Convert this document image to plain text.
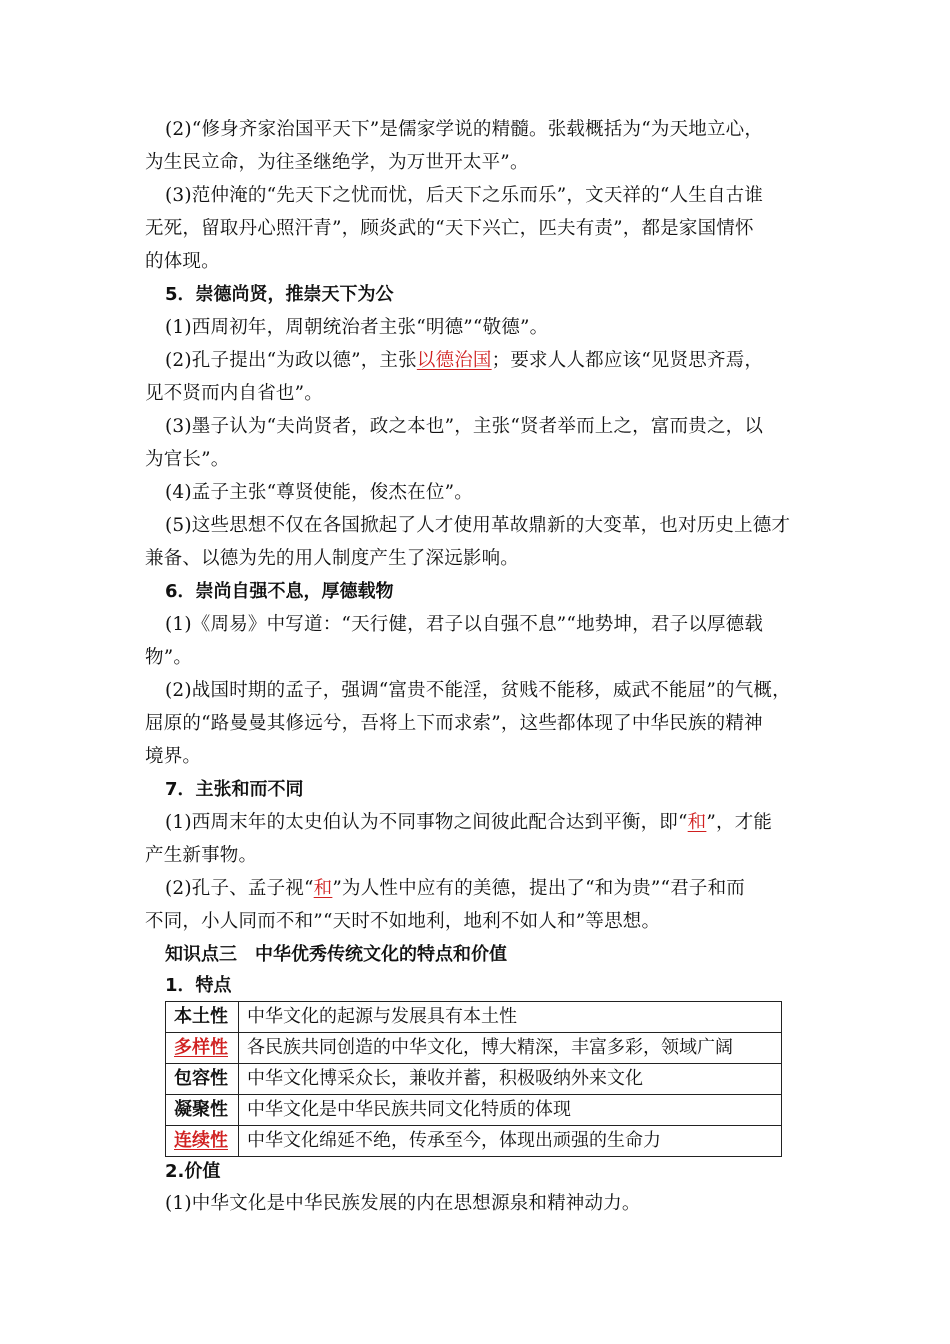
(2)“修身齐家治国平天下”是儒家学说的精髓。张载概括为“为天地立心，

为生民立命，为往圣继绝学，为万世开太平”。

(3)范仲淹的“先天下之忧而忧，后天下之乐而乐”，文天祥的“人生自古谁

无死，留取丹心照汗青”，顾炎武的“天下兴亡，匹夫有责”，都是家国情怀

的体现。

5．崇德尚贤，推崇天下为公

(1)西周初年，周朝统治者主张“明德”“敬德”。

(2)孔子提出“为政以德”，主张以德治国；要求人人都应该“见贤思齐焉，

见不贤而内自省也”。

(3)墨子认为“夫尚贤者，政之本也”，主张“贤者举而上之，富而贵之，以

为官长”。

(4)孟子主张“尊贤使能，俊杰在位”。

(5)这些思想不仅在各国掀起了人才使用革故鼎新的大变革，也对历史上德才

兼备、以德为先的用人制度产生了深远影响。

6．崇尚自强不息，厚德载物

(1)《周易》中写道：“天行健，君子以自强不息”“地势坤，君子以厚德载

物”。

(2)战国时期的孟子，强调“富贵不能淫，贫贱不能移，威武不能屈”的气概，

屈原的“路曼曼其修远兮，吾将上下而求索”，这些都体现了中华民族的精神

境界。

7．主张和而不同

(1)西周末年的太史伯认为不同事物之间彼此配合达到平衡，即“和”，才能

产生新事物。

(2)孔子、孟子视“和”为人性中应有的美德，提出了“和为贵”“君子和而

不同，小人同而不和”“天时不如地利，地利不如人和”等思想。

知识点三　中华优秀传统文化的特点和价值

1．特点

本土性	中华文化的起源与发展具有本土性
多样性	各民族共同创造的中华文化，博大精深，丰富多彩，领域广阔
包容性	中华文化博采众长，兼收并蓄，积极吸纳外来文化
凝聚性	中华文化是中华民族共同文化特质的体现
连续性	中华文化绵延不绝，传承至今，体现出顽强的生命力

2.价值

(1)中华文化是中华民族发展的内在思想源泉和精神动力。
